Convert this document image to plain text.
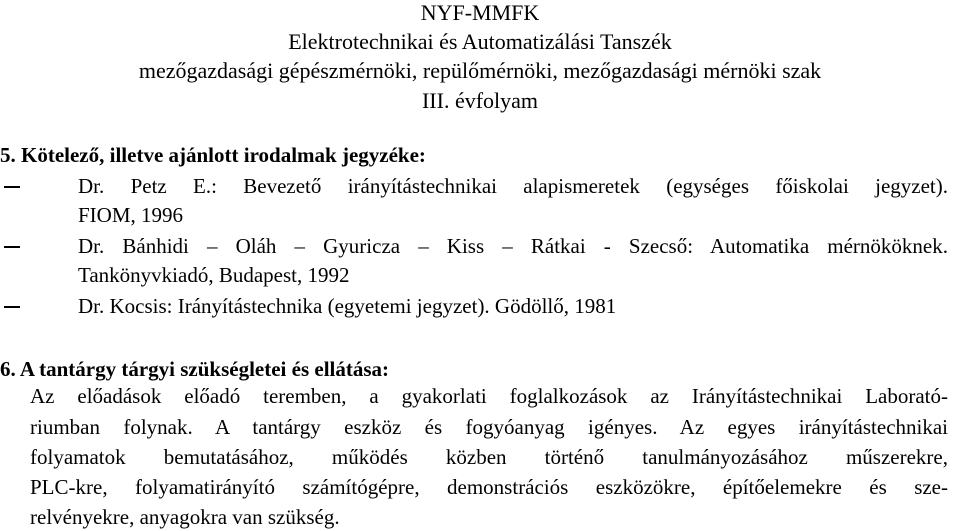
NYF-MMFK
Elektrotechnikai és Automatizálási Tanszék
mezőgazdasági gépészmérnöki, repülőmérnöki, mezőgazdasági mérnöki szak
III. évfolyam
5. Kötelező, illetve ajánlott irodalmak jegyzéke:
Dr. Petz E.: Bevezető irányítástechnikai alapismeretek (egységes főiskolai jegyzet).
FIOM, 1996
Dr. Bánhidi – Oláh – Gyuricza – Kiss – Rátkai - Szecső: Automatika mérnököknek.
Tankönyvkiadó, Budapest, 1992
Dr. Kocsis: Irányítástechnika (egyetemi jegyzet). Gödöllő, 1981
6. A tantárgy tárgyi szükségletei és ellátása:
Az előadások előadó teremben, a gyakorlati foglalkozások az Irányítástechnikai Laborató-
riumban folynak. A tantárgy eszköz és fogyóanyag igényes. Az egyes irányítástechnikai
folyamatok bemutatásához, működés közben történő tanulmányozásához műszerekre,
PLC-kre, folyamatirányító számítógépre, demonstrációs eszközökre, építőelemekre és sze-
relvényekre, anyagokra van szükség.
